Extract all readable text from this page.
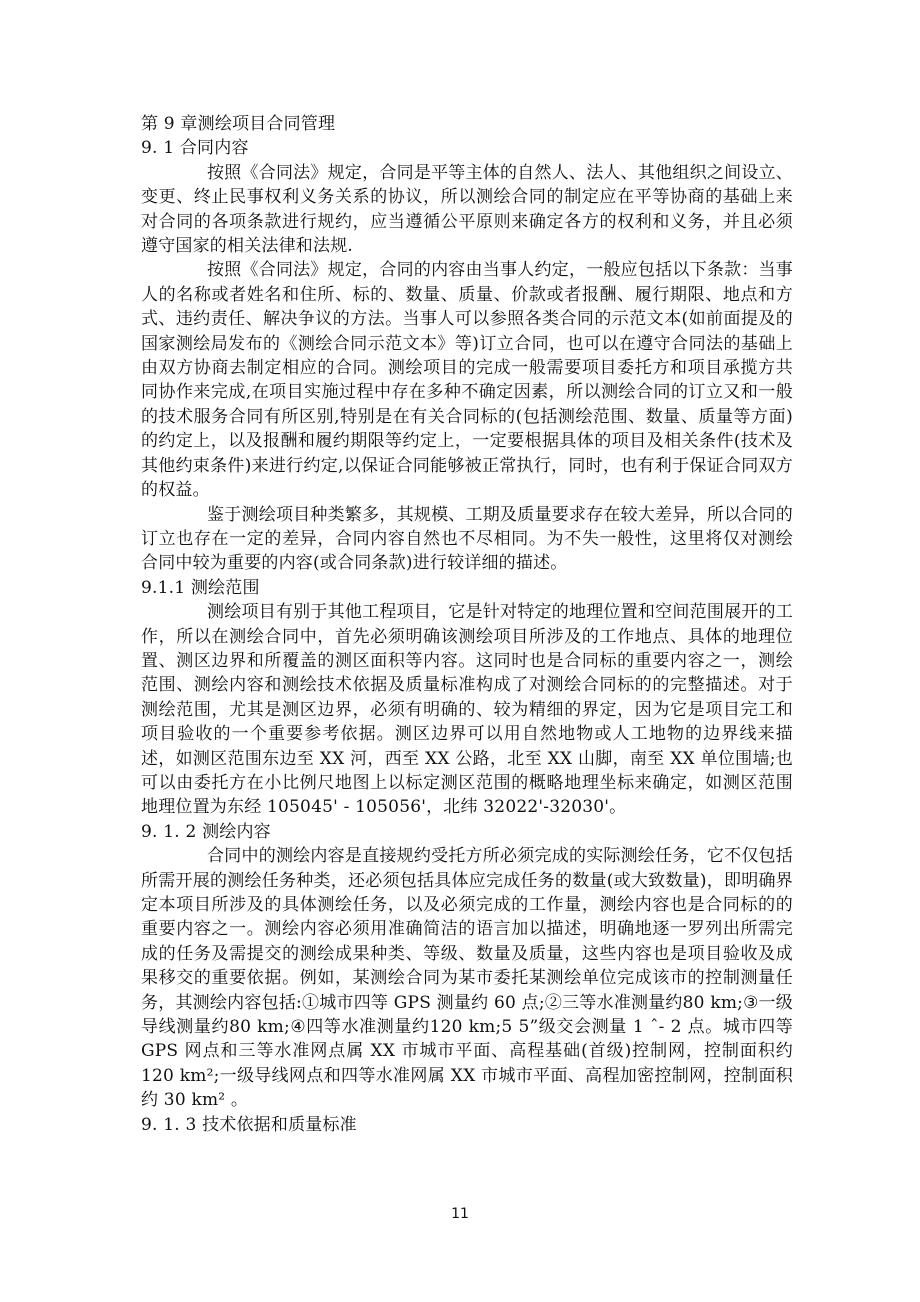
第 9 章测绘项目合同管理

9. 1 合同内容

按照《合同法》规定，合同是平等主体的自然人、法人、其他组织之间设立、变更、终止民事权利义务关系的协议，所以测绘合同的制定应在平等协商的基础上来对合同的各项条款进行规约，应当遵循公平原则来确定各方的权利和义务，并且必须遵守国家的相关法律和法规.

按照《合同法》规定，合同的内容由当事人约定，一般应包括以下条款：当事人的名称或者姓名和住所、标的、数量、质量、价款或者报酬、履行期限、地点和方式、违约责任、解决争议的方法。当事人可以参照各类合同的示范文本(如前面提及的国家测绘局发布的《测绘合同示范文本》等)订立合同，也可以在遵守合同法的基础上由双方协商去制定相应的合同。测绘项目的完成一般需要项目委托方和项目承揽方共同协作来完成,在项目实施过程中存在多种不确定因素，所以测绘合同的订立又和一般的技术服务合同有所区别,特别是在有关合同标的(包括测绘范围、数量、质量等方面)的约定上，以及报酬和履约期限等约定上，一定要根据具体的项目及相关条件(技术及其他约束条件)来进行约定,以保证合同能够被正常执行，同时，也有利于保证合同双方的权益。

鉴于测绘项目种类繁多，其规模、工期及质量要求存在较大差异，所以合同的订立也存在一定的差异，合同内容自然也不尽相同。为不失一般性，这里将仅对测绘合同中较为重要的内容(或合同条款)进行较详细的描述。

9.1.1 测绘范围

测绘项目有别于其他工程项目，它是针对特定的地理位置和空间范围展开的工作，所以在测绘合同中，首先必须明确该测绘项目所涉及的工作地点、具体的地理位置、测区边界和所覆盖的测区面积等内容。这同时也是合同标的重要内容之一，测绘范围、测绘内容和测绘技术依据及质量标准构成了对测绘合同标的的完整描述。对于测绘范围，尤其是测区边界，必须有明确的、较为精细的界定，因为它是项目完工和项目验收的一个重要参考依据。测区边界可以用自然地物或人工地物的边界线来描述，如测区范围东边至 XX 河，西至 XX 公路，北至 XX 山脚，南至 XX 单位围墙;也可以由委托方在小比例尺地图上以标定测区范围的概略地理坐标来确定，如测区范围地理位置为东经 105045' - 105056'，北纬 32022'-32030'。

9. 1. 2 测绘内容

合同中的测绘内容是直接规约受托方所必须完成的实际测绘任务，它不仅包括所需开展的测绘任务种类，还必须包括具体应完成任务的数量(或大致数量)，即明确界定本项目所涉及的具体测绘任务，以及必须完成的工作量，测绘内容也是合同标的的重要内容之一。测绘内容必须用准确简洁的语言加以描述，明确地逐一罗列出所需完成的任务及需提交的测绘成果种类、等级、数量及质量，这些内容也是项目验收及成果移交的重要依据。例如，某测绘合同为某市委托某测绘单位完成该市的控制测量任务，其测绘内容包括:①城市四等 GPS 测量约 60 点;②三等水准测量约80 km;③一级导线测量约80 km;④四等水准测量约120 km;5 5”级交会测量 1 ˆ- 2 点。城市四等 GPS 网点和三等水准网点属 XX 市城市平面、高程基础(首级)控制网，控制面积约 120 km²;一级导线网点和四等水准网属 XX 市城市平面、高程加密控制网，控制面积约 30 km² 。

9. 1. 3 技术依据和质量标准

11
